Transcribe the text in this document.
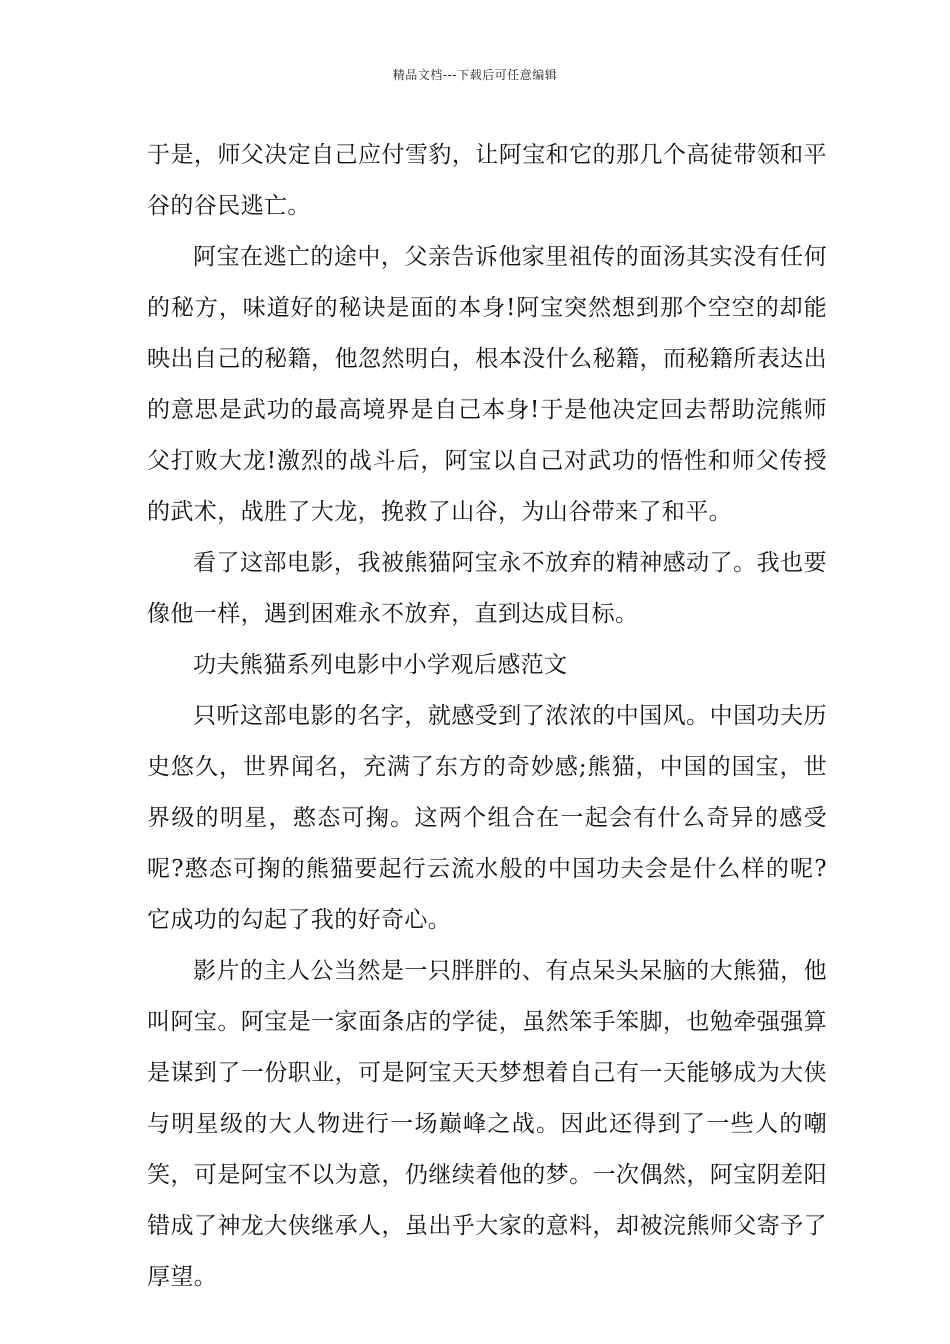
精品文档---下载后可任意编辑

于是，师父决定自己应付雪豹，让阿宝和它的那几个高徒带领和平谷的谷民逃亡。

阿宝在逃亡的途中，父亲告诉他家里祖传的面汤其实没有任何的秘方，味道好的秘诀是面的本身!阿宝突然想到那个空空的却能映出自己的秘籍，他忽然明白，根本没什么秘籍，而秘籍所表达出的意思是武功的最高境界是自己本身!于是他决定回去帮助浣熊师父打败大龙!激烈的战斗后，阿宝以自己对武功的悟性和师父传授的武术，战胜了大龙，挽救了山谷，为山谷带来了和平。

看了这部电影，我被熊猫阿宝永不放弃的精神感动了。我也要像他一样，遇到困难永不放弃，直到达成目标。

功夫熊猫系列电影中小学观后感范文

只听这部电影的名字，就感受到了浓浓的中国风。中国功夫历史悠久，世界闻名，充满了东方的奇妙感;熊猫，中国的国宝，世界级的明星，憨态可掬。这两个组合在一起会有什么奇异的感受呢?憨态可掬的熊猫要起行云流水般的中国功夫会是什么样的呢?它成功的勾起了我的好奇心。

影片的主人公当然是一只胖胖的、有点呆头呆脑的大熊猫，他叫阿宝。阿宝是一家面条店的学徒，虽然笨手笨脚，也勉牵强强算是谋到了一份职业，可是阿宝天天梦想着自己有一天能够成为大侠与明星级的大人物进行一场巅峰之战。因此还得到了一些人的嘲笑，可是阿宝不以为意，仍继续着他的梦。一次偶然，阿宝阴差阳错成了神龙大侠继承人，虽出乎大家的意料，却被浣熊师父寄予了厚望。
